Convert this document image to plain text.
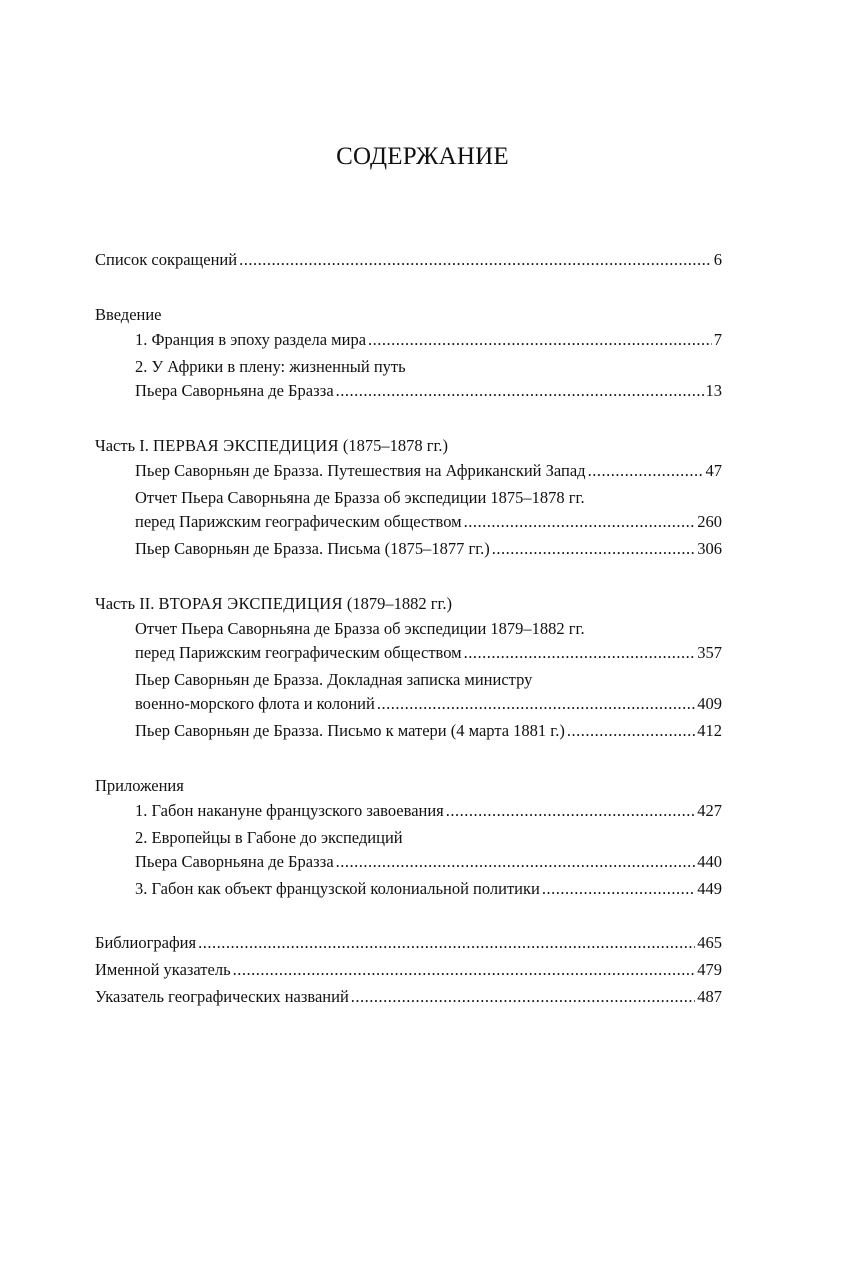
СОДЕРЖАНИЕ
Список сокращений .....	6
Введение
1. Франция в эпоху раздела мира .....	7
2. У Африки в плену: жизненный путь
Пьера Саворньяна де Бразза .....	13
Часть I. ПЕРВАЯ ЭКСПЕДИЦИЯ (1875–1878 гг.)
Пьер Саворньян де Бразза. Путешествия на Африканский Запад .....	47
Отчет Пьера Саворньяна де Бразза об экспедиции 1875–1878 гг.
перед Парижским географическим обществом .....	260
Пьер Саворньян де Бразза. Письма (1875–1877 гг.) .....	306
Часть II. ВТОРАЯ ЭКСПЕДИЦИЯ (1879–1882 гг.)
Отчет Пьера Саворньяна де Бразза об экспедиции 1879–1882 гг.
перед Парижским географическим обществом .....	357
Пьер Саворньян де Бразза. Докладная записка министру
военно-морского флота и колоний .....	409
Пьер Саворньян де Бразза. Письмо к матери (4 марта 1881 г.) .....	412
Приложения
1. Габон накануне французского завоевания .....	427
2. Европейцы в Габоне до экспедиций
Пьера Саворньяна де Бразза .....	440
3. Габон как объект французской колониальной политики .....	449
Библиография .....	465
Именной указатель .....	479
Указатель географических названий .....	487
